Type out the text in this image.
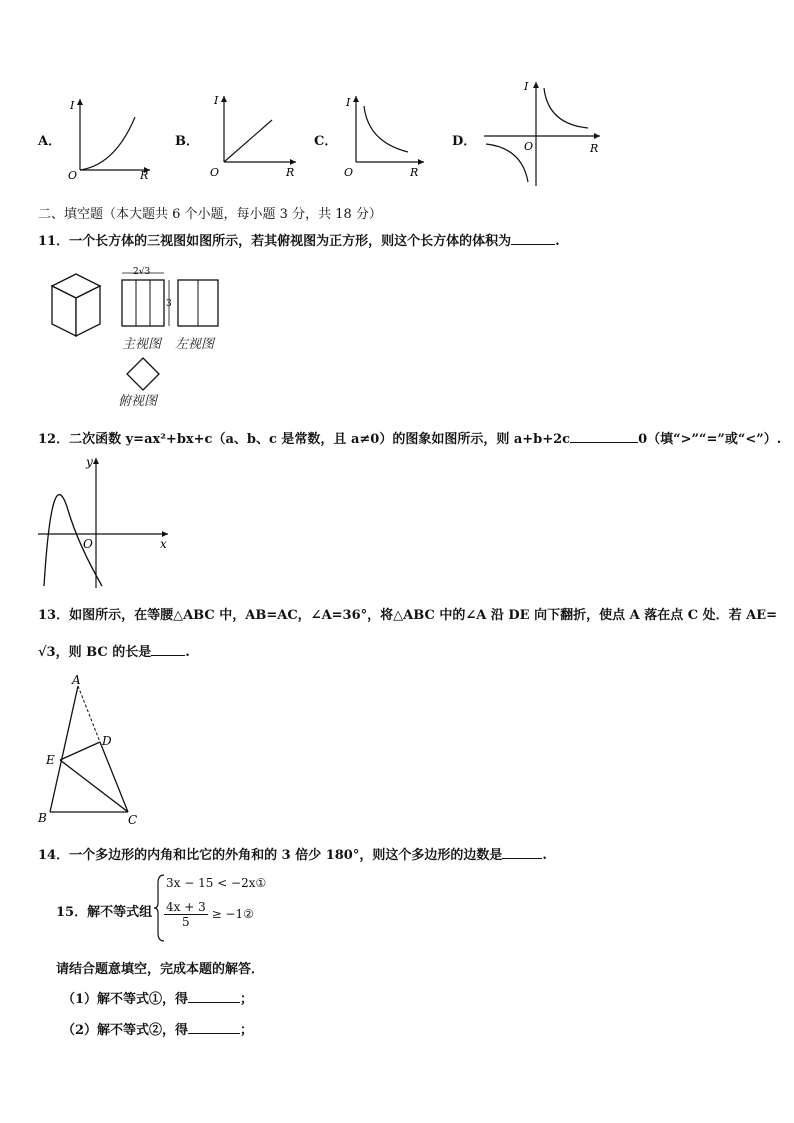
A．
I
R
O
B．
I
R
O
C．
I
R
O
D．
I
R
O
二、填空题（本大题共 6 个小题，每小题 3 分，共 18 分）
11．一个长方体的三视图如图所示，若其俯视图为正方形，则这个长方体的体积为	.
2√3
3
主视图 左视图
俯视图
12．二次函数 y=ax²+bx+c（a、b、c 是常数，且 a≠0）的图象如图所示，则 a+b+2c	0（填“>”“=”或“<”）.
y
x
O
13．如图所示，在等腰△ABC 中，AB=AC，∠A=36°，将△ABC 中的∠A 沿 DE 向下翻折，使点 A 落在点 C 处．若 AE=
√3，则 BC 的长是	.
A
B	C
D
E
14．一个多边形的内角和比它的外角和的 3 倍少 180°，则这个多边形的边数是	.
15．解不等式组
3x − 15 < −2x①
$\frac{4x + 3}{5}$ ≥ −1②
请结合题意填空，完成本题的解答．
（1）解不等式①，得	；
（2）解不等式②，得	；
